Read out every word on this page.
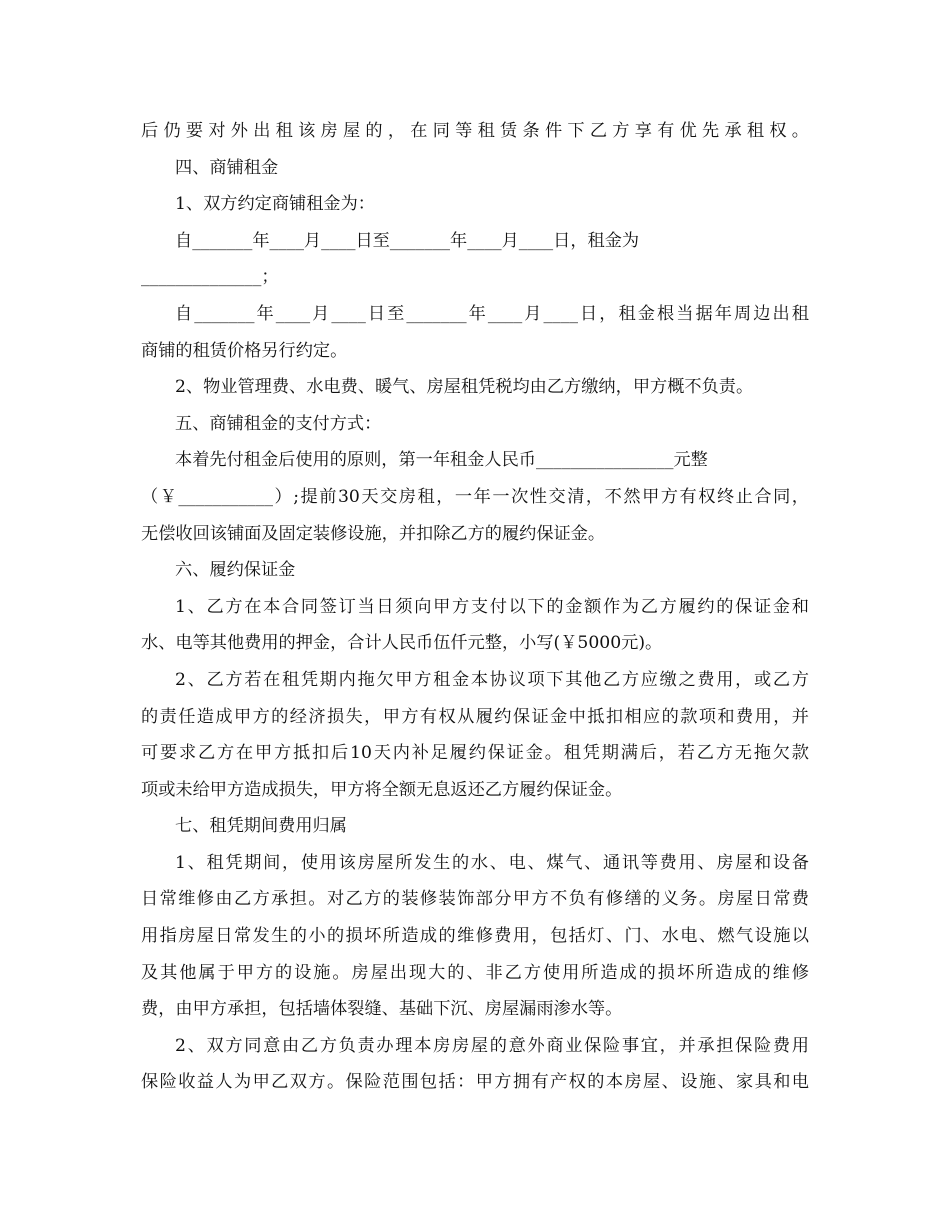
后仍要对外出租该房屋的，在同等租赁条件下乙方享有优先承租权。
四、商铺租金
1、双方约定商铺租金为：
自_______年____月____日至_______年____月____日，租金为
______________；
自_______年____月____日至_______年____月____日，租金根当据年周边出租
商铺的租赁价格另行约定。
2、物业管理费、水电费、暖气、房屋租凭税均由乙方缴纳，甲方概不负责。
五、商铺租金的支付方式：
本着先付租金后使用的原则，第一年租金人民币________________元整
（￥___________）;提前30天交房租，一年一次性交清，不然甲方有权终止合同，
无偿收回该铺面及固定装修设施，并扣除乙方的履约保证金。
六、履约保证金
1、乙方在本合同签订当日须向甲方支付以下的金额作为乙方履约的保证金和
水、电等其他费用的押金，合计人民币伍仟元整，小写(￥5000元)。
2、乙方若在租凭期内拖欠甲方租金本协议项下其他乙方应缴之费用，或乙方
的责任造成甲方的经济损失，甲方有权从履约保证金中抵扣相应的款项和费用，并
可要求乙方在甲方抵扣后10天内补足履约保证金。租凭期满后，若乙方无拖欠款
项或未给甲方造成损失，甲方将全额无息返还乙方履约保证金。
七、租凭期间费用归属
1、租凭期间，使用该房屋所发生的水、电、煤气、通讯等费用、房屋和设备
日常维修由乙方承担。对乙方的装修装饰部分甲方不负有修缮的义务。房屋日常费
用指房屋日常发生的小的损坏所造成的维修费用，包括灯、门、水电、燃气设施以
及其他属于甲方的设施。房屋出现大的、非乙方使用所造成的损坏所造成的维修
费，由甲方承担，包括墙体裂缝、基础下沉、房屋漏雨渗水等。
2、双方同意由乙方负责办理本房房屋的意外商业保险事宜，并承担保险费用
保险收益人为甲乙双方。保险范围包括：甲方拥有产权的本房屋、设施、家具和电
